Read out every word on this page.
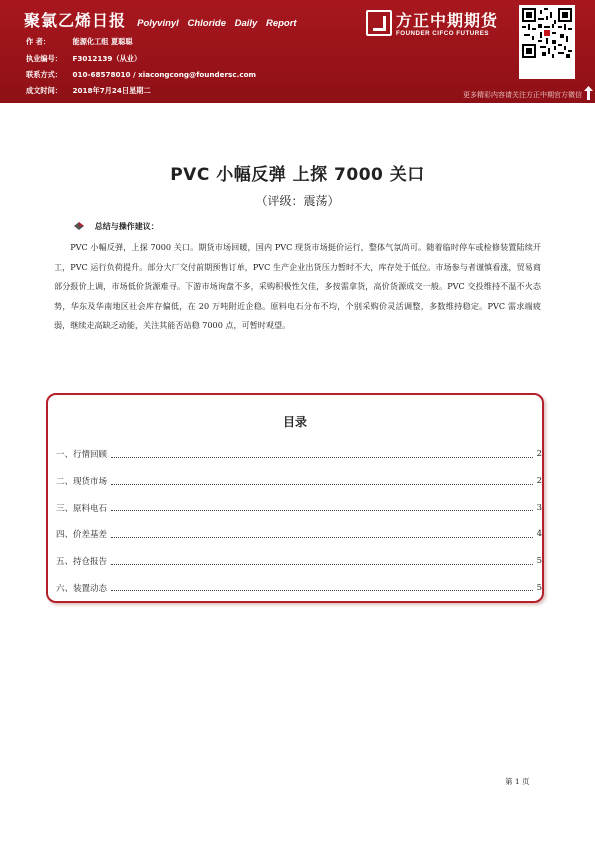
聚氯乙烯日报 Polyvinyl Chloride Daily Report
作 者：	能源化工组 夏聪聪
执业编号： F3012139（从业）
联系方式： 010-68578010 / xiacongcong@foundersc.com
成文时间： 2018年7月24日星期二
方正中期期货
FOUNDER CIFCO FUTURES
更多精彩内容请关注方正中期官方微信
PVC 小幅反弹 上探 7000 关口
（评级：震荡）
总结与操作建议：
PVC 小幅反弹，上探 7000 关口。期货市场回暖，国内 PVC 现货市场挺价运行，整体气氛尚可。随着临时停车或检修装置陆续开工，PVC 运行负荷提升。部分大厂交付前期预售订单，PVC 生产企业出货压力暂时不大，库存处于低位。市场参与者谨慎看涨，贸易商部分报价上调，市场低价货源难寻。下游市场询盘不多，采购积极性欠佳，多按需拿货，高价货源成交一般。PVC 交投维持不温不火态势，华东及华南地区社会库存偏低，在 20 万吨附近企稳。原料电石分布不均，个别采购价灵活调整，多数维持稳定。PVC 需求端疲弱，继续走高缺乏动能，关注其能否站稳 7000 点，可暂时观望。
目录
一、行情回顾	2
二、现货市场	2
三、原料电石	3
四、价差基差	4
五、持仓报告	5
六、装置动态	5
第 1 页
